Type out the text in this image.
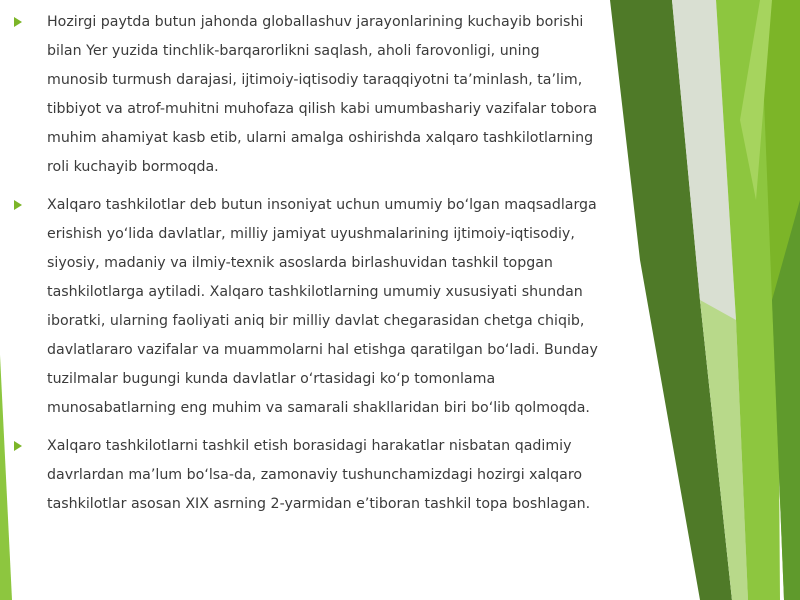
Hozirgi paytda butun jahonda globallashuv jarayonlarining kuchayib borishi bilan Yer yuzida tinchlik-barqarorlikni saqlash, aholi farovonligi, uning munosib turmush darajasi, ijtimoiy-iqtisodiy taraqqiyotni ta’minlash, ta’lim, tibbiyot va atrof-muhitni muhofaza qilish kabi umumbashariy vazifalar tobora muhim ahamiyat kasb etib, ularni amalga oshirishda xalqaro tashkilotlarning roli kuchayib bormoqda.
Xalqaro tashkilotlar deb butun insoniyat uchun umumiy bo‘lgan maqsadlarga erishish yo‘lida davlatlar, milliy jamiyat uyushmalarining ijtimoiy-iqtisodiy, siyosiy, madaniy va ilmiy-texnik asoslarda birlashuvidan tashkil topgan tashkilotlarga aytiladi. Xalqaro tashkilotlarning umumiy xususiyati shundan iboratki, ularning faoliyati aniq bir milliy davlat chegarasidan chetga chiqib, davlatlararo vazifalar va muammolarni hal etishga qaratilgan bo‘ladi. Bunday tuzilmalar bugungi kunda davlatlar o‘rtasidagi ko‘p tomonlama munosabatlarning eng muhim va samarali shakllaridan biri bo‘lib qolmoqda.
Xalqaro tashkilotlarni tashkil etish borasidagi harakatlar nisbatan qadimiy davrlardan ma’lum bo‘lsa-da, zamonaviy tushunchamizdagi hozirgi xalqaro tashkilotlar asosan XIX asrning 2-yarmidan e’tiboran tashkil topa boshlagan.
